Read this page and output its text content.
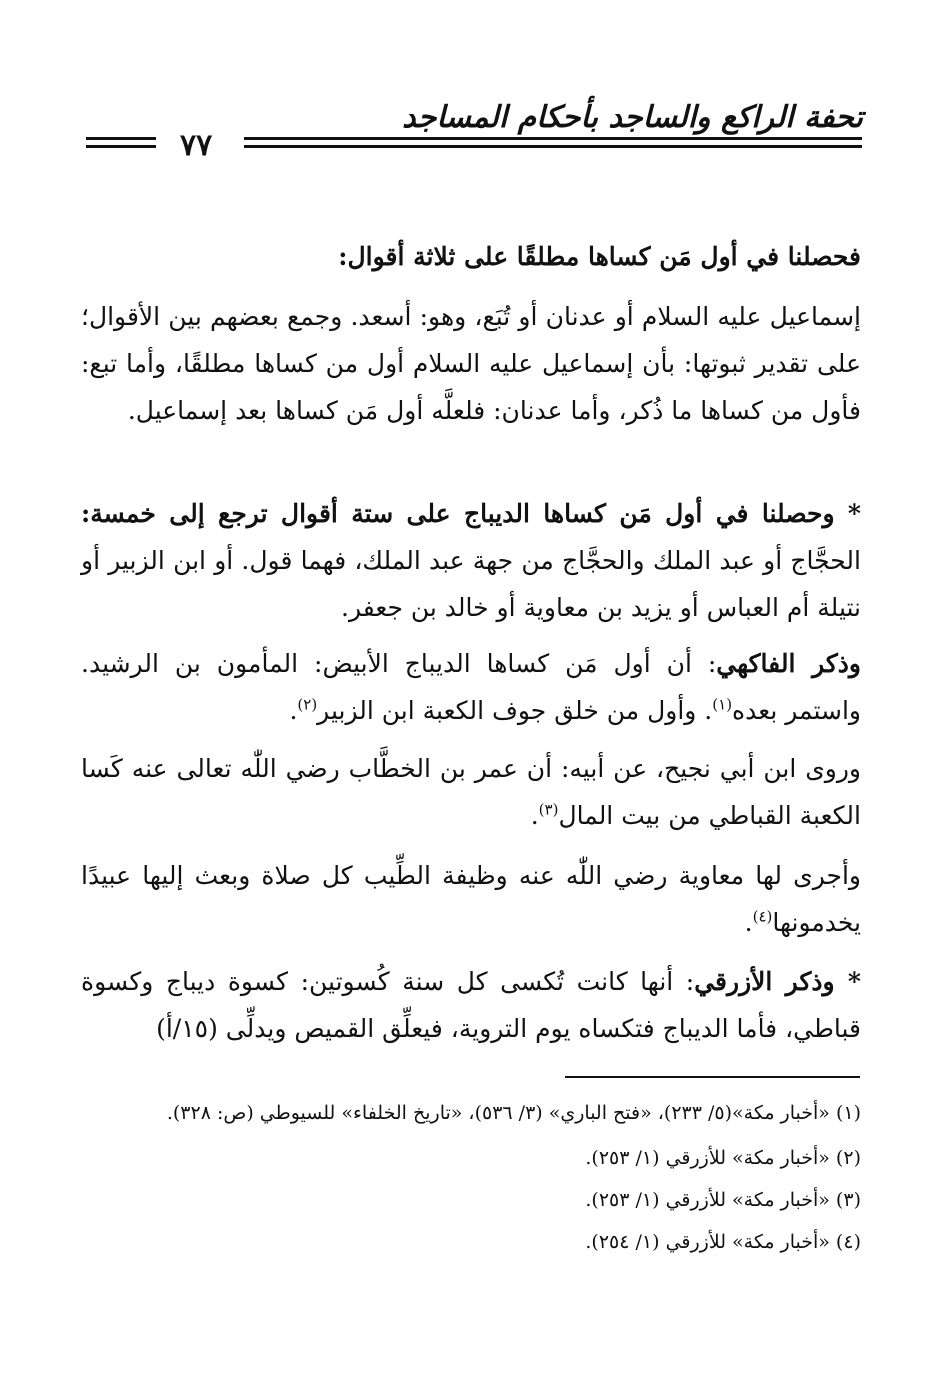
تحفة الراكع والساجد بأحكام المساجد
٧٧
فحصلنا في أول مَن كساها مطلقًا على ثلاثة أقوال:
إسماعيل عليه السلام أو عدنان أو تُبَع، وهو: أسعد. وجمع بعضهم بين الأقوال؛ على تقدير ثبوتها: بأن إسماعيل عليه السلام أول من كساها مطلقًا، وأما تبع: فأول من كساها ما ذُكر، وأما عدنان: فلعلَّه أول مَن كساها بعد إسماعيل.
* وحصلنا في أول مَن كساها الديباج على ستة أقوال ترجع إلى خمسة: الحجَّاج أو عبد الملك والحجَّاج من جهة عبد الملك، فهما قول. أو ابن الزبير أو نتيلة أم العباس أو يزيد بن معاوية أو خالد بن جعفر.
وذكر الفاكهي: أن أول مَن كساها الديباج الأبيض: المأمون بن الرشيد. واستمر بعده$^{(١)}$. وأول من خلق جوف الكعبة ابن الزبير$^{(٢)}$.
وروى ابن أبي نجيح، عن أبيه: أن عمر بن الخطَّاب رضي اللّٰه تعالى عنه كَسا الكعبة القباطي من بيت المال$^{(٣)}$.
وأجرى لها معاوية رضي اللّٰه عنه وظيفة الطِّيب كل صلاة وبعث إليها عبيدًا يخدمونها$^{(٤)}$.
* وذكر الأزرقي: أنها كانت تُكسى كل سنة كُسوتين: كسوة ديباج وكسوة قباطي، فأما الديباج فتكساه يوم التروية، فيعلِّق القميص ويدلِّى (١٥/أ)
(١) «أخبار مكة»(٥/ ٢٣٣)، «فتح الباري» (٣/ ٥٣٦)، «تاريخ الخلفاء» للسيوطي (ص: ٣٢٨).
(٢) «أخبار مكة» للأزرقي (١/ ٢٥٣).
(٣) «أخبار مكة» للأزرقي (١/ ٢٥٣).
(٤) «أخبار مكة» للأزرقي (١/ ٢٥٤).
